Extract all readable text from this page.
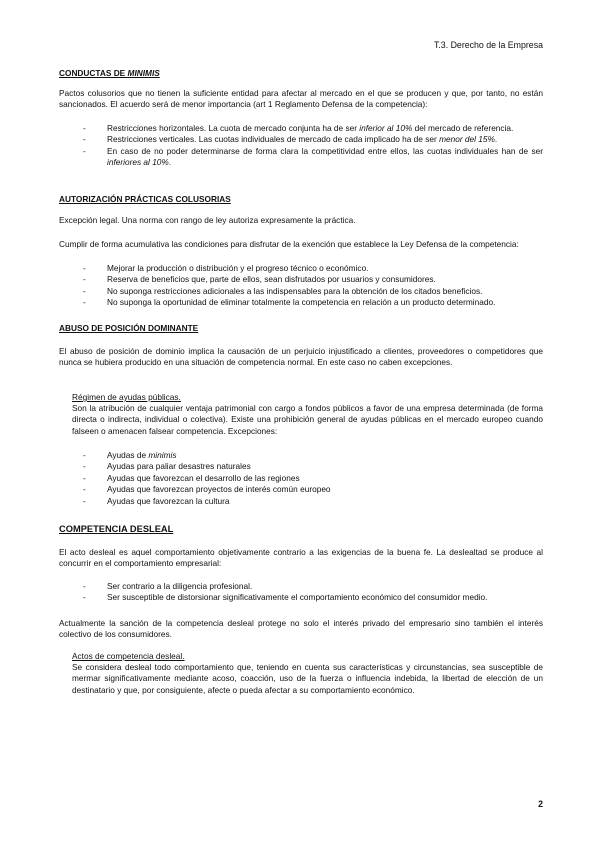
T.3. Derecho de la Empresa
CONDUCTAS DE MINIMIS

Pactos colusorios que no tienen la suficiente entidad para afectar al mercado en el que se producen y que, por tanto, no están sancionados. El acuerdo será de menor importancia (art 1 Reglamento Defensa de la competencia):

-	Restricciones horizontales. La cuota de mercado conjunta ha de ser inferior al 10% del mercado de referencia.
-	Restricciones verticales. Las cuotas individuales de mercado de cada implicado ha de ser menor del 15%.
-	En caso de no poder determinarse de forma clara la competitividad entre ellos, las cuotas individuales han de ser inferiores al 10%.
AUTORIZACIÓN PRÁCTICAS COLUSORIAS

Excepción legal. Una norma con rango de ley autoriza expresamente la práctica.

Cumplir de forma acumulativa las condiciones para disfrutar de la exención que establece la Ley Defensa de la competencia:

-	Mejorar la producción o distribución y el progreso técnico o económico.
-	Reserva de beneficios que, parte de ellos, sean disfrutados por usuarios y consumidores.
-	No suponga restricciones adicionales a las indispensables para la obtención de los citados beneficios.
-	No suponga la oportunidad de eliminar totalmente la competencia en relación a un producto determinado.
ABUSO DE POSICIÓN DOMINANTE

El abuso de posición de dominio implica la causación de un perjuicio injustificado a clientes, proveedores o competidores que nunca se hubiera producido en una situación de competencia normal. En este caso no caben excepciones.

Régimen de ayudas públicas.

Son la atribución de cualquier ventaja patrimonial con cargo a fondos públicos a favor de una empresa determinada (de forma directa o indirecta, individual o colectiva). Existe una prohibición general de ayudas públicas en el mercado europeo cuando falseen o amenacen falsear competencia. Excepciones:

-	Ayudas de minimis
-	Ayudas para paliar desastres naturales
-	Ayudas que favorezcan el desarrollo de las regiones
-	Ayudas que favorezcan proyectos de interés común europeo
-	Ayudas que favorezcan la cultura
COMPETENCIA DESLEAL

El acto desleal es aquel comportamiento objetivamente contrario a las exigencias de la buena fe. La deslealtad se produce al concurrir en el comportamiento empresarial:

-	Ser contrario a la diligencia profesional.
-	Ser susceptible de distorsionar significativamente el comportamiento económico del consumidor medio.

Actualmente la sanción de la competencia desleal protege no solo el interés privado del empresario sino también el interés colectivo de los consumidores.

Actos de competencia desleal.

Se considera desleal todo comportamiento que, teniendo en cuenta sus características y circunstancias, sea susceptible de mermar significativamente mediante acoso, coacción, uso de la fuerza o influencia indebida, la libertad de elección de un destinatario y que, por consiguiente, afecte o pueda afectar a su comportamiento económico.

2
